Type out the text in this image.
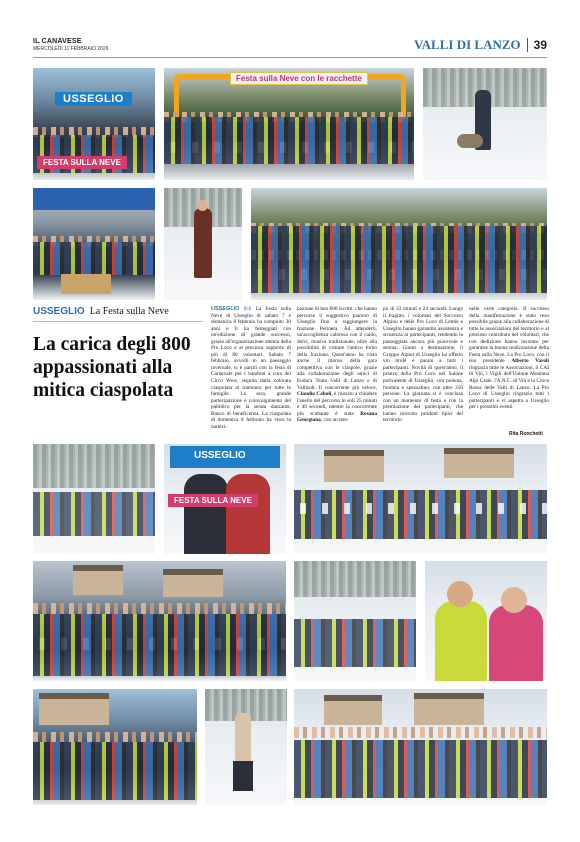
IL CANAVESE
MERCOLEDÌ 11 FEBBRAIO 2026	VALLI DI LANZO 39
USSEGLIO
FESTA SULLA NEVE
Festa sulla Neve con le racchette
USSEGLIO La Festa sulla Neve
La carica degli 800 appassionati alla mitica ciaspolata
USSEGLIO (fcf) La Festa sulla Neve di Usseglio di sabato 7 e domenica 8 febbraio ha compiuto 30 anni e li ha festeggiati con un'edizione di grande successo, grazie all'organizzazione attenta della Pro Loco e al prezioso supporto di più di 80 volontari. Sabato 7 febbraio, avvolti in un paesaggio invernale, si è partiti con la festa di Carnevale per i bambini a cura del Circo Wow, seguita dalla colorata ciaspolata al tramonto per tutte le famiglie. La sera, grande partecipazione e coinvolgimento del pubblico per la serata danzante. Banco di beneficenza. La ciaspolata di domenica 8 febbraio ha visto la parteci-
pazione di ben 800 iscritti, che hanno percorso il suggestivo pianoro di Usseglio fino a raggiungere la frazione Perinera. Ad attenderli, un'accoglienza calorosa con il caldo, dolci, musica tradizionale, oltre alla possibilità di visitare l'antico forno della frazione. Quest'anno ha visto anche il ritorno della gara competitiva con le ciaspole, grazie alla collaborazione degli amici di Endura Team Valli di Lanzo e di Vallisoli. Il concorrente più veloce, Claudio Caboli, è riuscito a chiudere l'anello del percorso in soli 25 minuti e 49 secondi, mentre la concorrente più scattante è stata Rosana Georgiana, con un tem-
po di 33 minuti e 24 secondi. Lungo il tragitto, i volontari del Soccorso Alpino e delle Pro Loco di Lemie e Usseglio hanno garantito assistenza e sicurezza ai partecipanti, rendendo la passeggiata ancora più piacevole e serena. Giunti a destinazione, il Gruppo Alpini di Usseglio ha offerto vin brulè e panini a tutti i partecipanti. Novità di quest'anno, il pranzo della Pro Loco nel Salone polivalente di Usseglio, con polenta, fonduta e spezzatino, con oltre 350 persone. La giornata si è conclusa con un momento di festa e con la premiazione dei partecipanti, che hanno ricevuto prodotti tipici del territorio
nelle varie categorie. Il successo della manifestazione è stato reso possibile grazie alla collaborazione di tutte le associazioni del territorio e al prezioso contributo del volontari, che con dedizione hanno lavorato per garantire la buona realizzazione della Festa sulla Neve. La Pro Loco, con il suo presidente Alberto Varoli ringrazia tutte le Associazioni, il CAI di Viù, i Vigili dell'Unione Montana Alpi Graie, l'A.N.C. di Viù e la Croce Rossa delle Valli di Lanzo. La Pro Loco di Usseglio ringrazia tutti i partecipanti e vi aspetta a Usseglio per i prossimi eventi.
Rita Ronchetti
USSEGLIO
FESTA SULLA NEVE
